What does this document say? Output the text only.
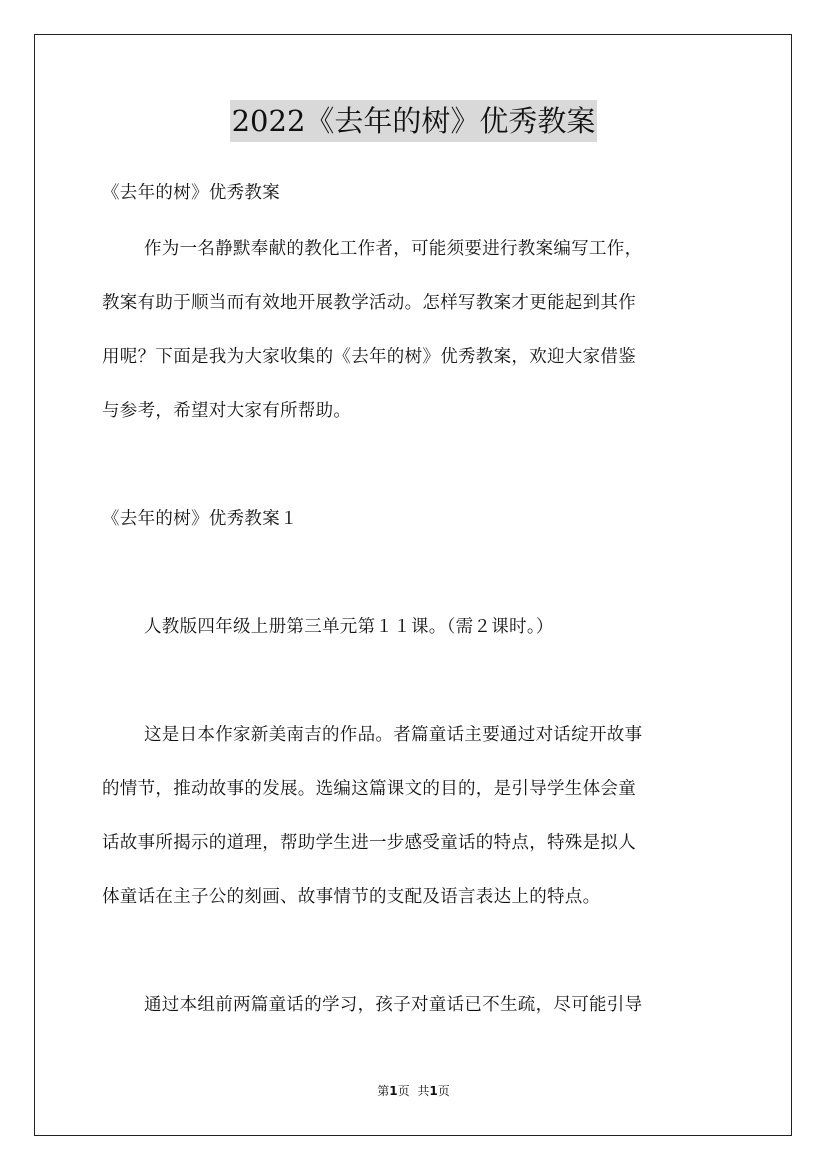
2022《去年的树》优秀教案
《去年的树》优秀教案
作为一名静默奉献的教化工作者，可能须要进行教案编写工作，
教案有助于顺当而有效地开展教学活动。怎样写教案才更能起到其作
用呢？下面是我为大家收集的《去年的树》优秀教案，欢迎大家借鉴
与参考，希望对大家有所帮助。
《去年的树》优秀教案１
人教版四年级上册第三单元第１１课。（需２课时。）
这是日本作家新美南吉的作品。者篇童话主要通过对话绽开故事
的情节，推动故事的发展。选编这篇课文的目的，是引导学生体会童
话故事所揭示的道理，帮助学生进一步感受童话的特点，特殊是拟人
体童话在主子公的刻画、故事情节的支配及语言表达上的特点。
通过本组前两篇童话的学习，孩子对童话已不生疏，尽可能引导
第1页 共1页
